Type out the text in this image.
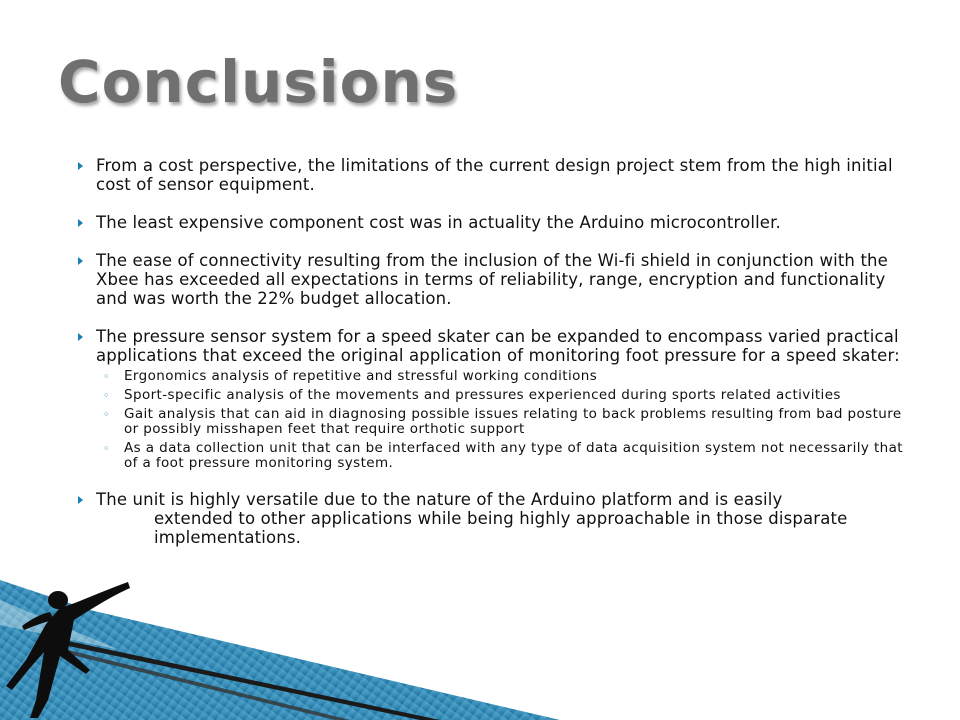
Conclusions
From a cost perspective, the limitations of the current design project stem from the high initial cost of sensor equipment.
The least expensive component cost was in actuality the Arduino microcontroller.
The ease of connectivity resulting from the inclusion of the Wi-fi shield in conjunction with the Xbee has exceeded all expectations in terms of reliability, range, encryption and functionality and was worth the 22% budget allocation.
The pressure sensor system for a speed skater can be expanded to encompass varied practical applications that exceed the original application of monitoring foot pressure for a speed skater:
◦ Ergonomics analysis of repetitive and stressful working conditions
◦ Sport-specific analysis of the movements and pressures experienced during sports related activities
◦ Gait analysis that can aid in diagnosing possible issues relating to back problems resulting from bad posture or possibly misshapen feet that require orthotic support
◦ As a data collection unit that can be interfaced with any type of data acquisition system not necessarily that of a foot pressure monitoring system.
The unit is highly versatile due to the nature of the Arduino platform and is easily
extended to other applications while being highly approachable in those disparate implementations.
